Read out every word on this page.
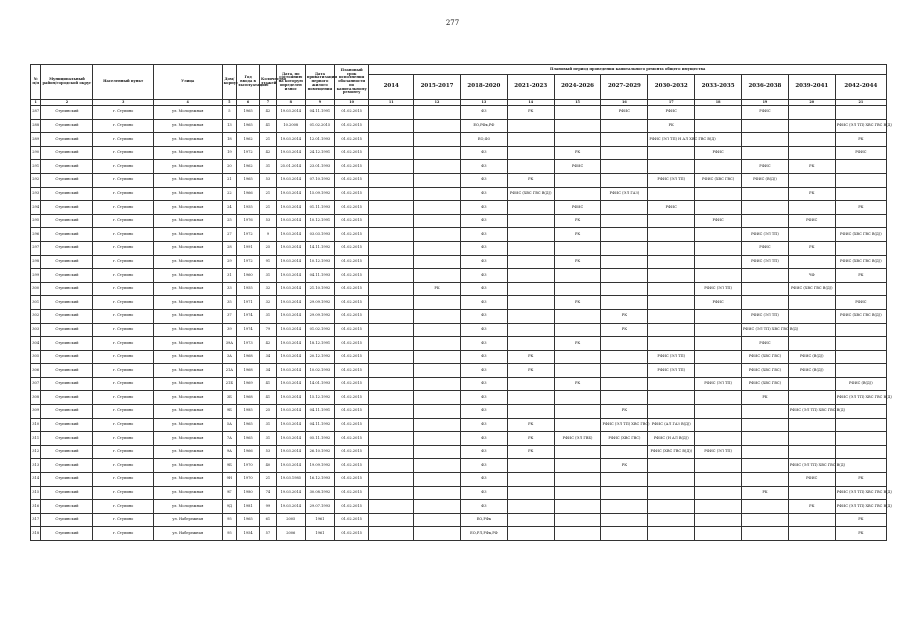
277
№ п/п	Муниципальный район/городской округ	Населенный пункт	Улица	Дом/корпус	Год ввода в эксплуатацию	Количество этажей	Дата, по состоянию на которую определен износ	Дата приватизации первого жилого помещения	Плановый срок исполнения обязанности по капитальному ремонту	Плановый период проведения капитального ремонта общего имущества										
										2014	2015-2017	2018-2020	2021-2023	2024-2026	2027-2029	2030-2032	2033-2035	2036-2038	2039-2041	2042-2044
1	2	3	4	5	6	7	8	9	10	11	12	13	14	15	16	17	18	19	20	21
287	Ступинский	г. Ступино	ул. Молодежная	5	1965	42	19.03.2014	04.11.1991	01.02.2015			Ф3	РК		РФИС	РФИС		РФИС		
288	Ступинский	г. Ступино	ул. Молодежная	13	1965	41	10.2008	01.02.2015	01.02.2015			ЕО,РФк,РФ				РК				РФИС (ЭЛ ТП) ХВС ГВС В(Д)
289	Ступинский	г. Ступино	ул. Молодежная	18	1962	21	19.03.2014	12.01.1993	01.02.2015			ЕО,Ф3				РФИС (ЭЛ ТП) Н АЛ ХВС ГВС В(Д)				РК
290	Ступинский	г. Ступино	ул. Молодежная	19	1972	42	19.03.2014	24.12.1991	01.02.2015			Ф3		РК			РФИС			РФИС
291	Ступинский	г. Ступино	ул. Молодежная	20	1962	31	25.01.2014	23.01.1993	01.02.2015			Ф3		РФИС				РФИС	РК	
292	Ступинский	г. Ступино	ул. Молодежная	21	1965	53	19.03.2014	07.10.1992	01.02.2015			Ф3	РК			РФИС (ЭЛ ТП)	РФИС (ХВС ГВС)	РФИС (В(Д))		
293	Ступинский	г. Ступино	ул. Молодежная	22	1966	21	19.03.2014	15.09.1992	01.02.2015			Ф3	РФИС (ХВС ГВС В(Д))		РФИС (ЭЛ ГАЗ)				РК	
294	Ступинский	г. Ступино	ул. Молодежная	24	1955	21	19.03.2014	01.11.1993	01.02.2015			Ф3		РФИС		РФИС				РК
295	Ступинский	г. Ступино	ул. Молодежная	25	1976	53	19.03.2014	10.12.1991	01.02.2015			Ф3		РК			РФИС		РФИС	
296	Ступинский	г. Ступино	ул. Молодежная	27	1972	9	19.03.2014	03.03.1993	01.02.2015			Ф3		РК				РФИС (ЭЛ ТП)		РФИС (ХВС ГВС В(Д))
297	Ступинский	г. Ступино	ул. Молодежная	28	1991	25	19.03.2014	14.11.1992	01.02.2015			Ф3						РФИС	РК	
298	Ступинский	г. Ступино	ул. Молодежная	29	1972	91	19.03.2014	10.12.1993	01.02.2015			Ф3		РК				РФИС (ЭЛ ТП)		РФИС (ХВС ГВС В(Д))
299	Ступинский	г. Ступино	ул. Молодежная	31	1960	31	19.03.2014	04.11.1993	01.02.2015			Ф3							ЧФ	РК
300	Ступинский	г. Ступино	ул. Молодежная	33	1955	32	19.03.2014	21.10.1992	01.02.2015		РК	Ф3					РФИС (ЭЛ ТП)		РФИС (ХВС ГВС В(Д))	
301	Ступинский	г. Ступино	ул. Молодежная	35	1971	32	19.03.2014	29.09.1992	01.02.2015			Ф3		РК			РФИС			РФИС
302	Ступинский	г. Ступино	ул. Молодежная	37	1974	31	19.03.2014	29.09.1992	01.02.2015			Ф3			РК			РФИС (ЭЛ ТП)		РФИС (ХВС ГВС В(Д))
303	Ступинский	г. Ступино	ул. Молодежная	39	1974	79	19.03.2014	01.02.1992	01.02.2015			Ф3			РК			РФИС (ЭЛ ТП) ХВС ГВС В(Д)		
304	Ступинский	г. Ступино	ул. Молодежная	39А	1973	42	19.03.2014	18.12.1991	01.02.2015			Ф3		РК				РФИС		
305	Ступинский	г. Ступино	ул. Молодежная	3А	1968	34	19.03.2014	20.12.1992	01.02.2015			Ф3	РК			РФИС (ЭЛ ТП)		РФИС (ХВС ГВС)	РФИС (В(Д))	
306	Ступинский	г. Ступино	ул. Молодежная	21А	1968	34	19.03.2014	10.02.1993	01.02.2015			Ф3	РК			РФИС (ЭЛ ТП)		РФИС (ХВС ГВС)	РФИС (В(Д))	
307	Ступинский	г. Ступино	ул. Молодежная	21Б	1969	41	19.03.2014	14.01.1993	01.02.2015			Ф3		РК			РФИС (ЭЛ ТП)	РФИС (ХВС ГВС)		РФИС (В(Д))
308	Ступинский	г. Ступино	ул. Молодежная	3Б	1968	41	19.03.2014	15.12.1992	01.02.2015			Ф3						РК		РФИС (ЭЛ ТП) ХВС ГВС В(Д)
309	Ступинский	г. Ступино	ул. Молодежная	9Б	1985	25	19.03.2014	04.11.1991	01.02.2015			Ф3			РК				РФИС (ЭЛ ТП) ХВС ГВС В(Д)	
310	Ступинский	г. Ступино	ул. Молодежная	5А	1965	31	19.03.2014	04.11.1992	01.02.2015			Ф3	РК		РФИС (ЭЛ ТП) ХВС ГВС)	РФИС (АЛ ГАЗ В(Д))				
311	Ступинский	г. Ступино	ул. Молодежная	7А	1965	31	19.03.2014	05.11.1992	01.02.2015			Ф3	РК	РФИС (ЭЛ ГВБ)	РФИС (ХВС ГВС)	РФИС (Н АЛ В(Д))				
312	Ступинский	г. Ступино	ул. Молодежная	9А	1966	53	19.03.2014	26.10.1992	01.02.2015			Ф3	РК			РФИС (ХВС ГВС В(Д))	РФИС (ЭЛ ТП)			
313	Ступинский	г. Ступино	ул. Молодежная	9Б	1970	40	19.03.2014	19.09.1992	01.02.2015			Ф3			РК				РФИС (ЭЛ ТП) ХВС ГВС В(Д)	
314	Ступинский	г. Ступино	ул. Молодежная	9Н	1970	21	19.03.1985	16.12.1993	01.02.2015			Ф3							РФИС	РК
315	Ступинский	г. Ступино	ул. Молодежная	9Г	1980	74	19.03.2014	30.08.1992	01.02.2015			Ф3						РК		РФИС (ЭЛ ТП) ХВС ГВС В(Д)
316	Ступинский	г. Ступино	ул. Молодежная	9Д	1981	99	19.03.2014	29.07.1993	01.02.2015			Ф3							РК	РФИС (ЭЛ ТП) ХВС ГВС В(Д)
317	Ступинский	г. Ступино	ул. Набережная	95	1965	61	2005	1961	01.02.2015			ЕО,РФк								РК
318	Ступинский	г. Ступино	ул. Набережная	95	1954	57	2006	1961	01.02.2015			ЕО,РЛ,РФк,РФ								РК
